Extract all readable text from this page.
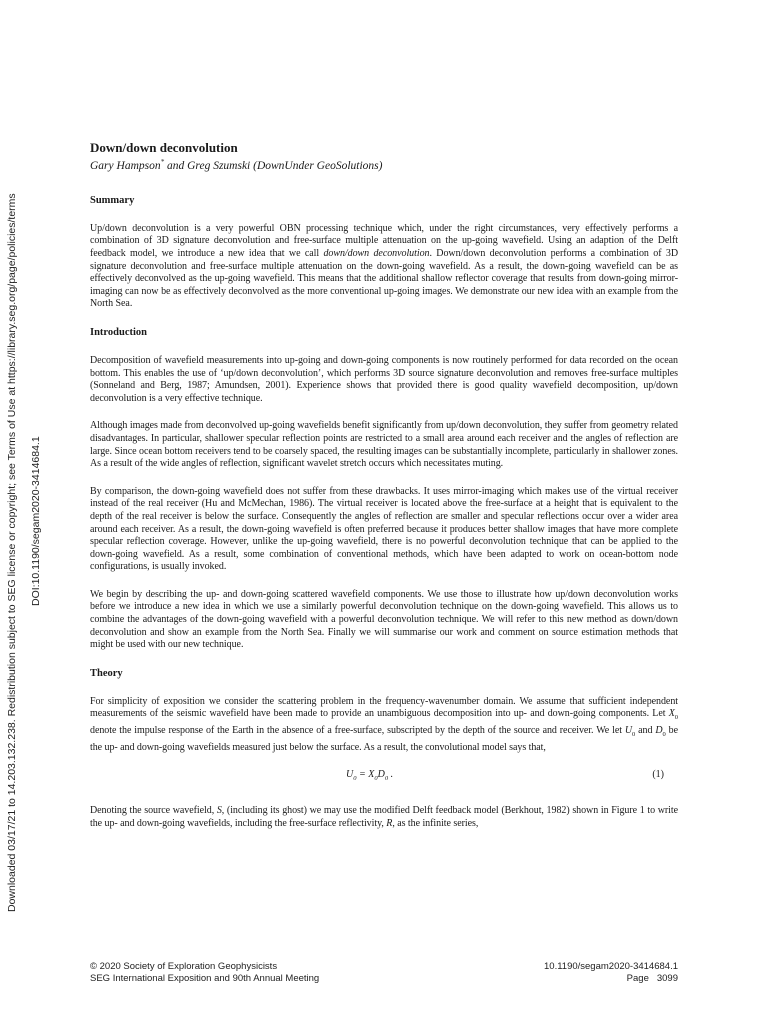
Downloaded 03/17/21 to 14.203.132.238. Redistribution subject to SEG license or copyright; see Terms of Use at https://library.seg.org/page/policies/terms DOI:10.1190/segam2020-3414684.1
Down/down deconvolution
Gary Hampson* and Greg Szumski (DownUnder GeoSolutions)
Summary

Up/down deconvolution is a very powerful OBN processing technique which, under the right circumstances, very effectively performs a combination of 3D signature deconvolution and free-surface multiple attenuation on the up-going wavefield. Using an adaption of the Delft feedback model, we introduce a new idea that we call down/down deconvolution. Down/down deconvolution performs a combination of 3D signature deconvolution and free-surface multiple attenuation on the down-going wavefield. As a result, the down-going wavefield can be as effectively deconvolved as the up-going wavefield. This means that the additional shallow reflector coverage that results from down-going mirror-imaging can now be as effectively deconvolved as the more conventional up-going images. We demonstrate our new idea with an example from the North Sea.

Introduction

Decomposition of wavefield measurements into up-going and down-going components is now routinely performed for data recorded on the ocean bottom. This enables the use of ‘up/down deconvolution’, which performs 3D source signature deconvolution and removes free-surface multiples (Sonneland and Berg, 1987; Amundsen, 2001). Experience shows that provided there is good quality wavefield decomposition, up/down deconvolution is a very effective technique.

Although images made from deconvolved up-going wavefields benefit significantly from up/down deconvolution, they suffer from geometry related disadvantages. In particular, shallower specular reflection points are restricted to a small area around each receiver and the angles of reflection are large. Since ocean bottom receivers tend to be coarsely spaced, the resulting images can be substantially incomplete, particularly in shallower zones. As a result of the wide angles of reflection, significant wavelet stretch occurs which necessitates muting.

By comparison, the down-going wavefield does not suffer from these drawbacks. It uses mirror-imaging which makes use of the virtual receiver instead of the real receiver (Hu and McMechan, 1986). The virtual receiver is located above the free-surface at a height that is equivalent to the depth of the real receiver is below the surface. Consequently the angles of reflection are smaller and specular reflections occur over a wider area around each receiver. As a result, the down-going wavefield is often preferred because it produces better shallow images that have more complete specular reflection coverage. However, unlike the up-going wavefield, there is no powerful deconvolution technique that can be applied to the down-going wavefield. As a result, some combination of conventional methods, which have been adapted to work on ocean-bottom node configurations, is usually invoked.

We begin by describing the up- and down-going scattered wavefield components. We use those to illustrate how up/down deconvolution works before we introduce a new idea in which we use a similarly powerful deconvolution technique on the down-going wavefield. This allows us to combine the advantages of the down-going wavefield with a powerful deconvolution technique. We will refer to this new method as down/down deconvolution and show an example from the North Sea. Finally we will summarise our work and comment on source estimation methods that might be used with our new technique.

Theory

For simplicity of exposition we consider the scattering problem in the frequency-wavenumber domain. We assume that sufficient independent measurements of the seismic wavefield have been made to provide an unambiguous decomposition into up- and down-going components. Let $X_0$ denote the impulse response of the Earth in the absence of a free-surface, subscripted by the depth of the source and receiver. We let $U_0$ and $D_0$ be the up- and down-going wavefields measured just below the surface. As a result, the convolutional model says that,

$U_0 = X_0D_0$ .	(1)

Denoting the source wavefield, S, (including its ghost) we may use the modified Delft feedback model (Berkhout, 1982) shown in Figure 1 to write the up- and down-going wavefields, including the free-surface reflectivity, R, as the infinite series,

© 2020 Society of Exploration Geophysicists	10.1190/segam2020-3414684.1
SEG International Exposition and 90th Annual Meeting	Page 3099
